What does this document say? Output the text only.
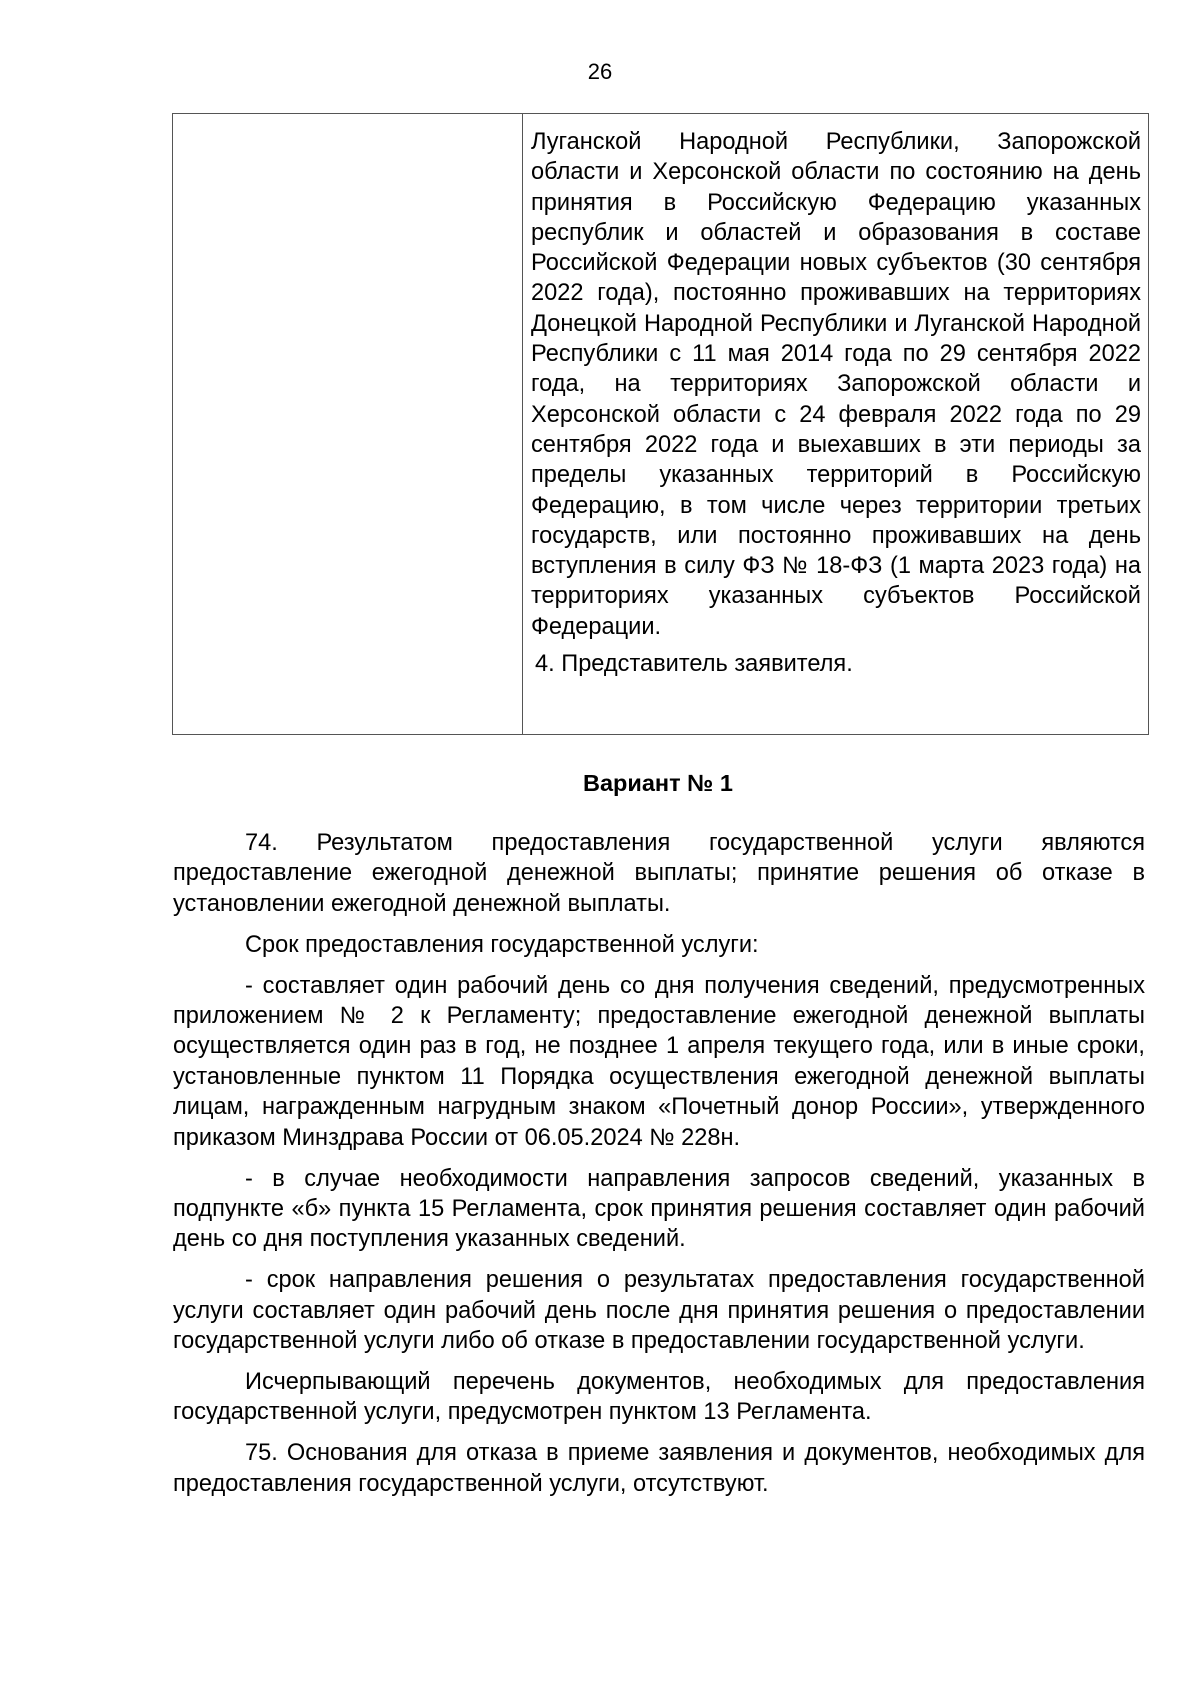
26

Луганской Народной Республики, Запорожской области и Херсонской области по состоянию на день принятия в Российскую Федерацию указанных республик и областей и образования в составе Российской Федерации новых субъектов (30 сентября 2022 года), постоянно проживавших на территориях Донецкой Народной Республики и Луганской Народной Республики с 11 мая 2014 года по 29 сентября 2022 года, на территориях Запорожской области и Херсонской области с 24 февраля 2022 года по 29 сентября 2022 года и выехавших в эти периоды за пределы указанных территорий в Российскую Федерацию, в том числе через территории третьих государств, или постоянно проживавших на день вступления в силу ФЗ № 18-ФЗ (1 марта 2023 года) на территориях указанных субъектов Российской Федерации.

4. Представитель заявителя.

Вариант № 1

74. Результатом предоставления государственной услуги являются предоставление ежегодной денежной выплаты; принятие решения об отказе в установлении ежегодной денежной выплаты.

Срок предоставления государственной услуги:

- составляет один рабочий день со дня получения сведений, предусмотренных приложением № 2 к Регламенту; предоставление ежегодной денежной выплаты осуществляется один раз в год, не позднее 1 апреля текущего года, или в иные сроки, установленные пунктом 11 Порядка осуществления ежегодной денежной выплаты лицам, награжденным нагрудным знаком «Почетный донор России», утвержденного приказом Минздрава России от 06.05.2024 № 228н.

- в случае необходимости направления запросов сведений, указанных в подпункте «б» пункта 15 Регламента, срок принятия решения составляет один рабочий день со дня поступления указанных сведений.

- срок направления решения о результатах предоставления государственной услуги составляет один рабочий день после дня принятия решения о предоставлении государственной услуги либо об отказе в предоставлении государственной услуги.

Исчерпывающий перечень документов, необходимых для предоставления государственной услуги, предусмотрен пунктом 13 Регламента.

75. Основания для отказа в приеме заявления и документов, необходимых для предоставления государственной услуги, отсутствуют.
